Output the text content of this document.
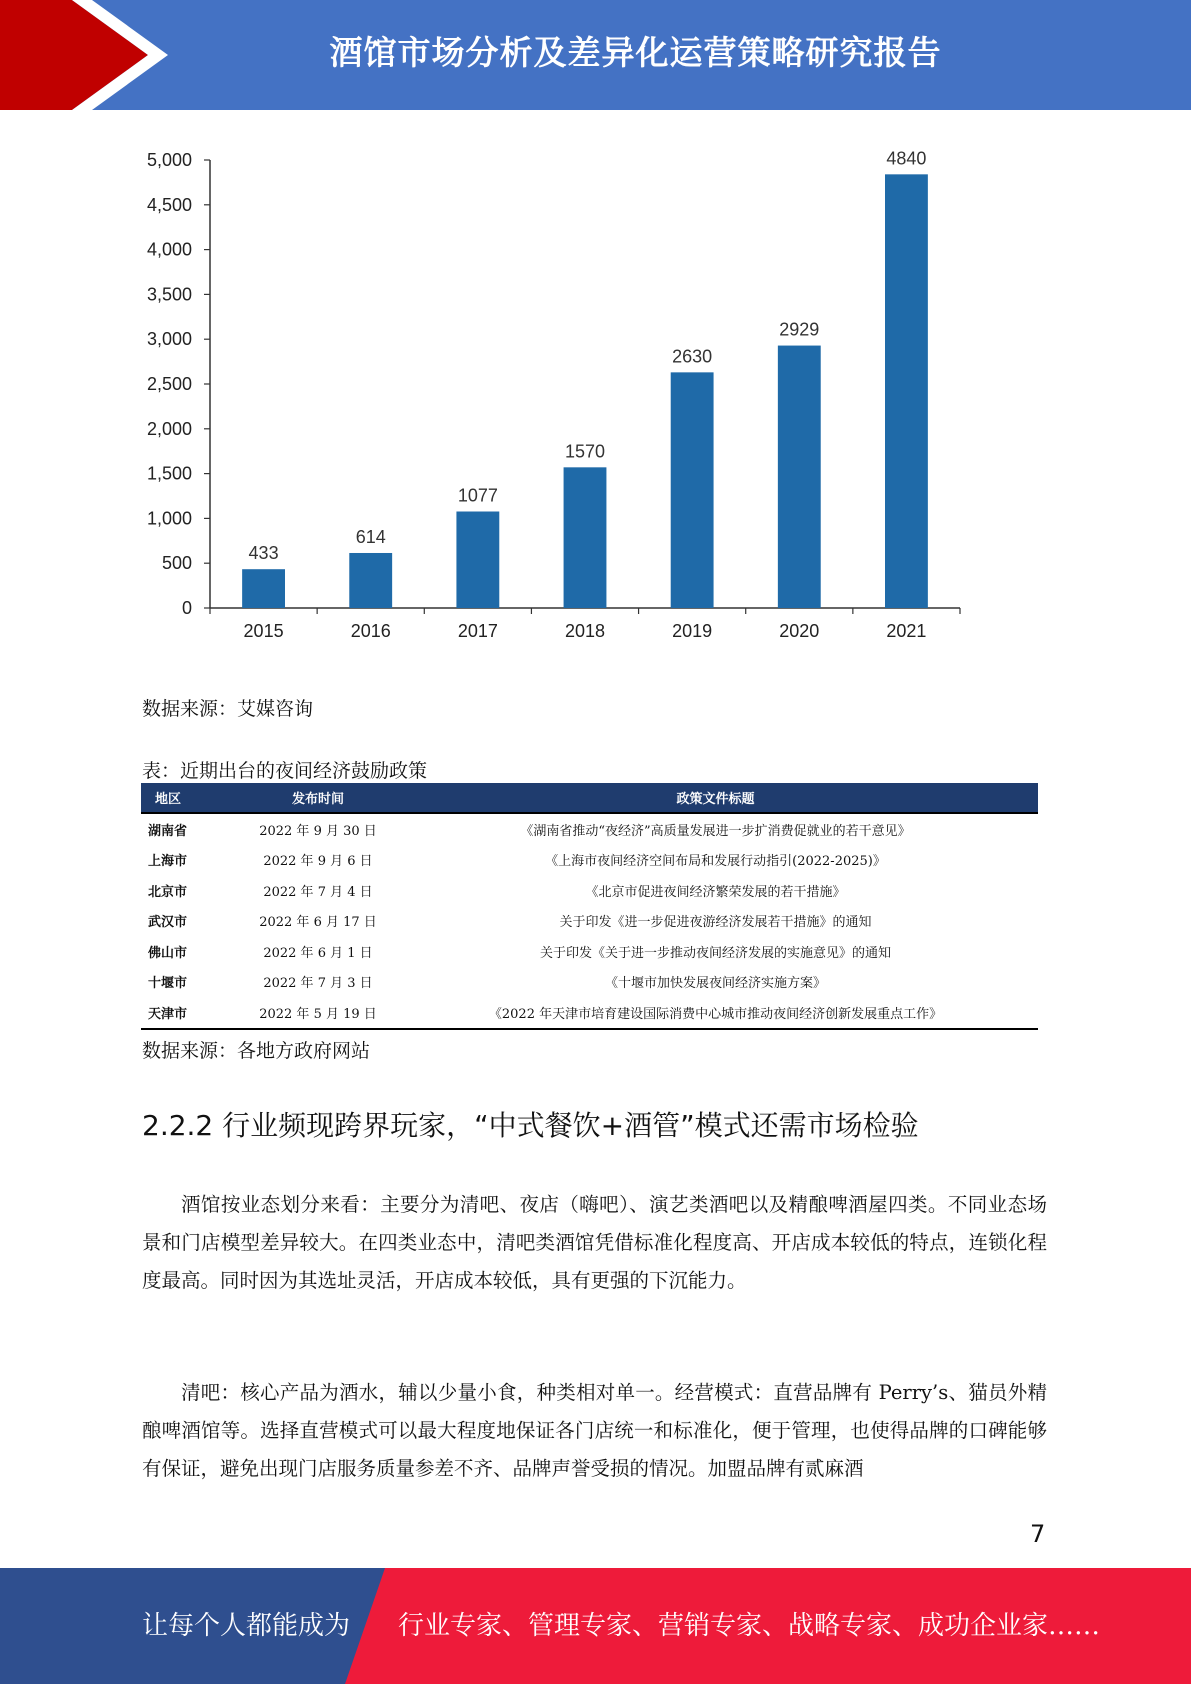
酒馆市场分析及差异化运营策略研究报告
0
500
1,000
1,500
2,000
2,500
3,000
3,500
4,000
4,500
5,000
433
2015
614
2016
1077
2017
1570
2018
2630
2019
2929
2020
4840
2021
数据来源：艾媒咨询
表：近期出台的夜间经济鼓励政策
地区	发布时间	政策文件标题
湖南省	2022 年 9 月 30 日	《湖南省推动“夜经济”高质量发展进一步扩消费促就业的若干意见》
上海市	2022 年 9 月 6 日	《上海市夜间经济空间布局和发展行动指引(2022-2025)》
北京市	2022 年 7 月 4 日	《北京市促进夜间经济繁荣发展的若干措施》
武汉市	2022 年 6 月 17 日	关于印发《进一步促进夜游经济发展若干措施》的通知
佛山市	2022 年 6 月 1 日	关于印发《关于进一步推动夜间经济发展的实施意见》的通知
十堰市	2022 年 7 月 3 日	《十堰市加快发展夜间经济实施方案》
天津市	2022 年 5 月 19 日	《2022 年天津市培育建设国际消费中心城市推动夜间经济创新发展重点工作》
数据来源：各地方政府网站
2.2.2 行业频现跨界玩家，“中式餐饮+酒管”模式还需市场检验
酒馆按业态划分来看：主要分为清吧、夜店（嗨吧）、演艺类酒吧以及精酿啤酒屋四类。不同业态场景和门店模型差异较大。在四类业态中，清吧类酒馆凭借标准化程度高、开店成本较低的特点，连锁化程度最高。同时因为其选址灵活，开店成本较低，具有更强的下沉能力。
清吧：核心产品为酒水，辅以少量小食，种类相对单一。经营模式：直营品牌有 Perry’s、猫员外精酿啤酒馆等。选择直营模式可以最大程度地保证各门店统一和标准化，便于管理，也使得品牌的口碑能够有保证，避免出现门店服务质量参差不齐、品牌声誉受损的情况。加盟品牌有贰麻酒
7
让每个人都能成为 行业专家、管理专家、营销专家、战略专家、成功企业家……
